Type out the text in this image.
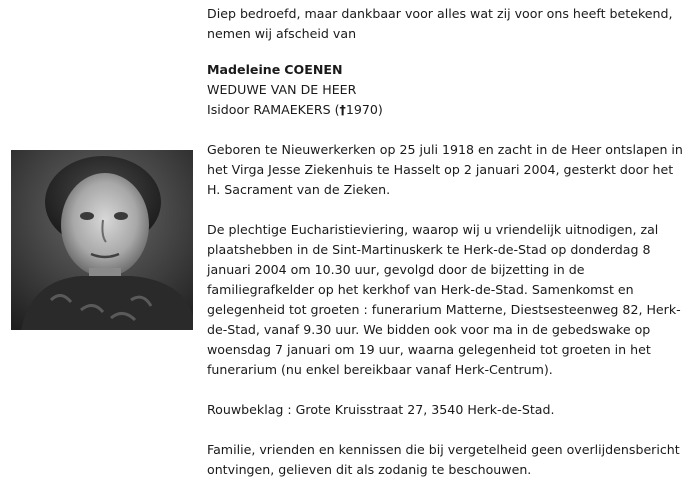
Diep bedroefd, maar dankbaar voor alles wat zij voor ons heeft betekend, nemen wij afscheid van

Madeleine COENEN

WEDUWE VAN DE HEER

Isidoor RAMAEKERS (†1970)

Geboren te Nieuwerkerken op 25 juli 1918 en zacht in de Heer ontslapen in het Virga Jesse Ziekenhuis te Hasselt op 2 januari 2004, gesterkt door het H. Sacrament van de Zieken.

De plechtige Eucharistieviering, waarop wij u vriendelijk uitnodigen, zal plaatshebben in de Sint-Martinuskerk te Herk-de-Stad op donderdag 8 januari 2004 om 10.30 uur, gevolgd door de bijzetting in de familiegrafkelder op het kerkhof van Herk-de-Stad. Samenkomst en gelegenheid tot groeten : funerarium Matterne, Diestsesteenweg 82, Herk-de-Stad, vanaf 9.30 uur. We bidden ook voor ma in de gebedswake op woensdag 7 januari om 19 uur, waarna gelegenheid tot groeten in het funerarium (nu enkel bereikbaar vanaf Herk-Centrum).

Rouwbeklag : Grote Kruisstraat 27, 3540 Herk-de-Stad.

Familie, vrienden en kennissen die bij vergetelheid geen overlijdensbericht ontvingen, gelieven dit als zodanig te beschouwen.
